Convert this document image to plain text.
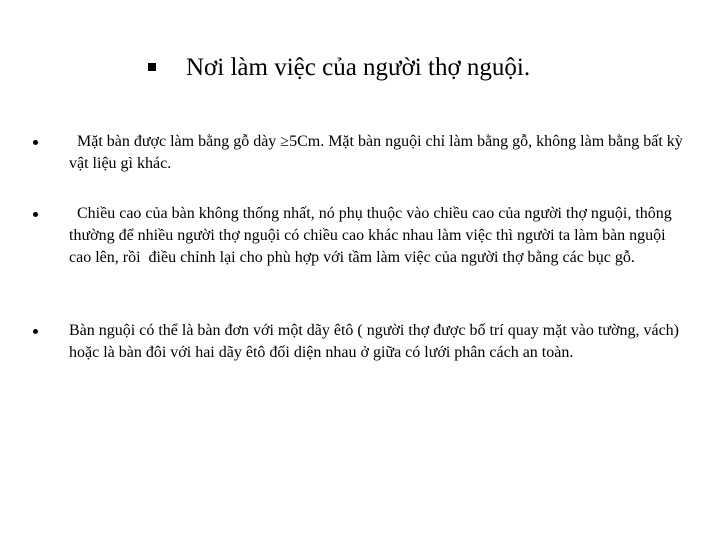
Nơi làm việc của người thợ nguội.

Mặt bàn được làm bằng gỗ dày ≥5Cm. Mặt bàn nguội chỉ làm bằng gỗ, không làm bằng bất kỳ vật liệu gì khác.

Chiều cao của bàn không thống nhất, nó phụ thuộc vào chiều cao của người thợ nguội, thông thường để nhiều người thợ nguội có chiều cao khác nhau làm việc thì người ta làm bàn nguội cao lên, rồi  điều chỉnh lại cho phù hợp với tầm làm việc của người thợ bằng các bục gỗ.

Bàn nguội có thể là bàn đơn với một dãy êtô ( người thợ được bố trí quay mặt vào tường, vách) hoặc là bàn đôi với hai dãy êtô đối diện nhau ở giữa có lưới phân cách an toàn.
